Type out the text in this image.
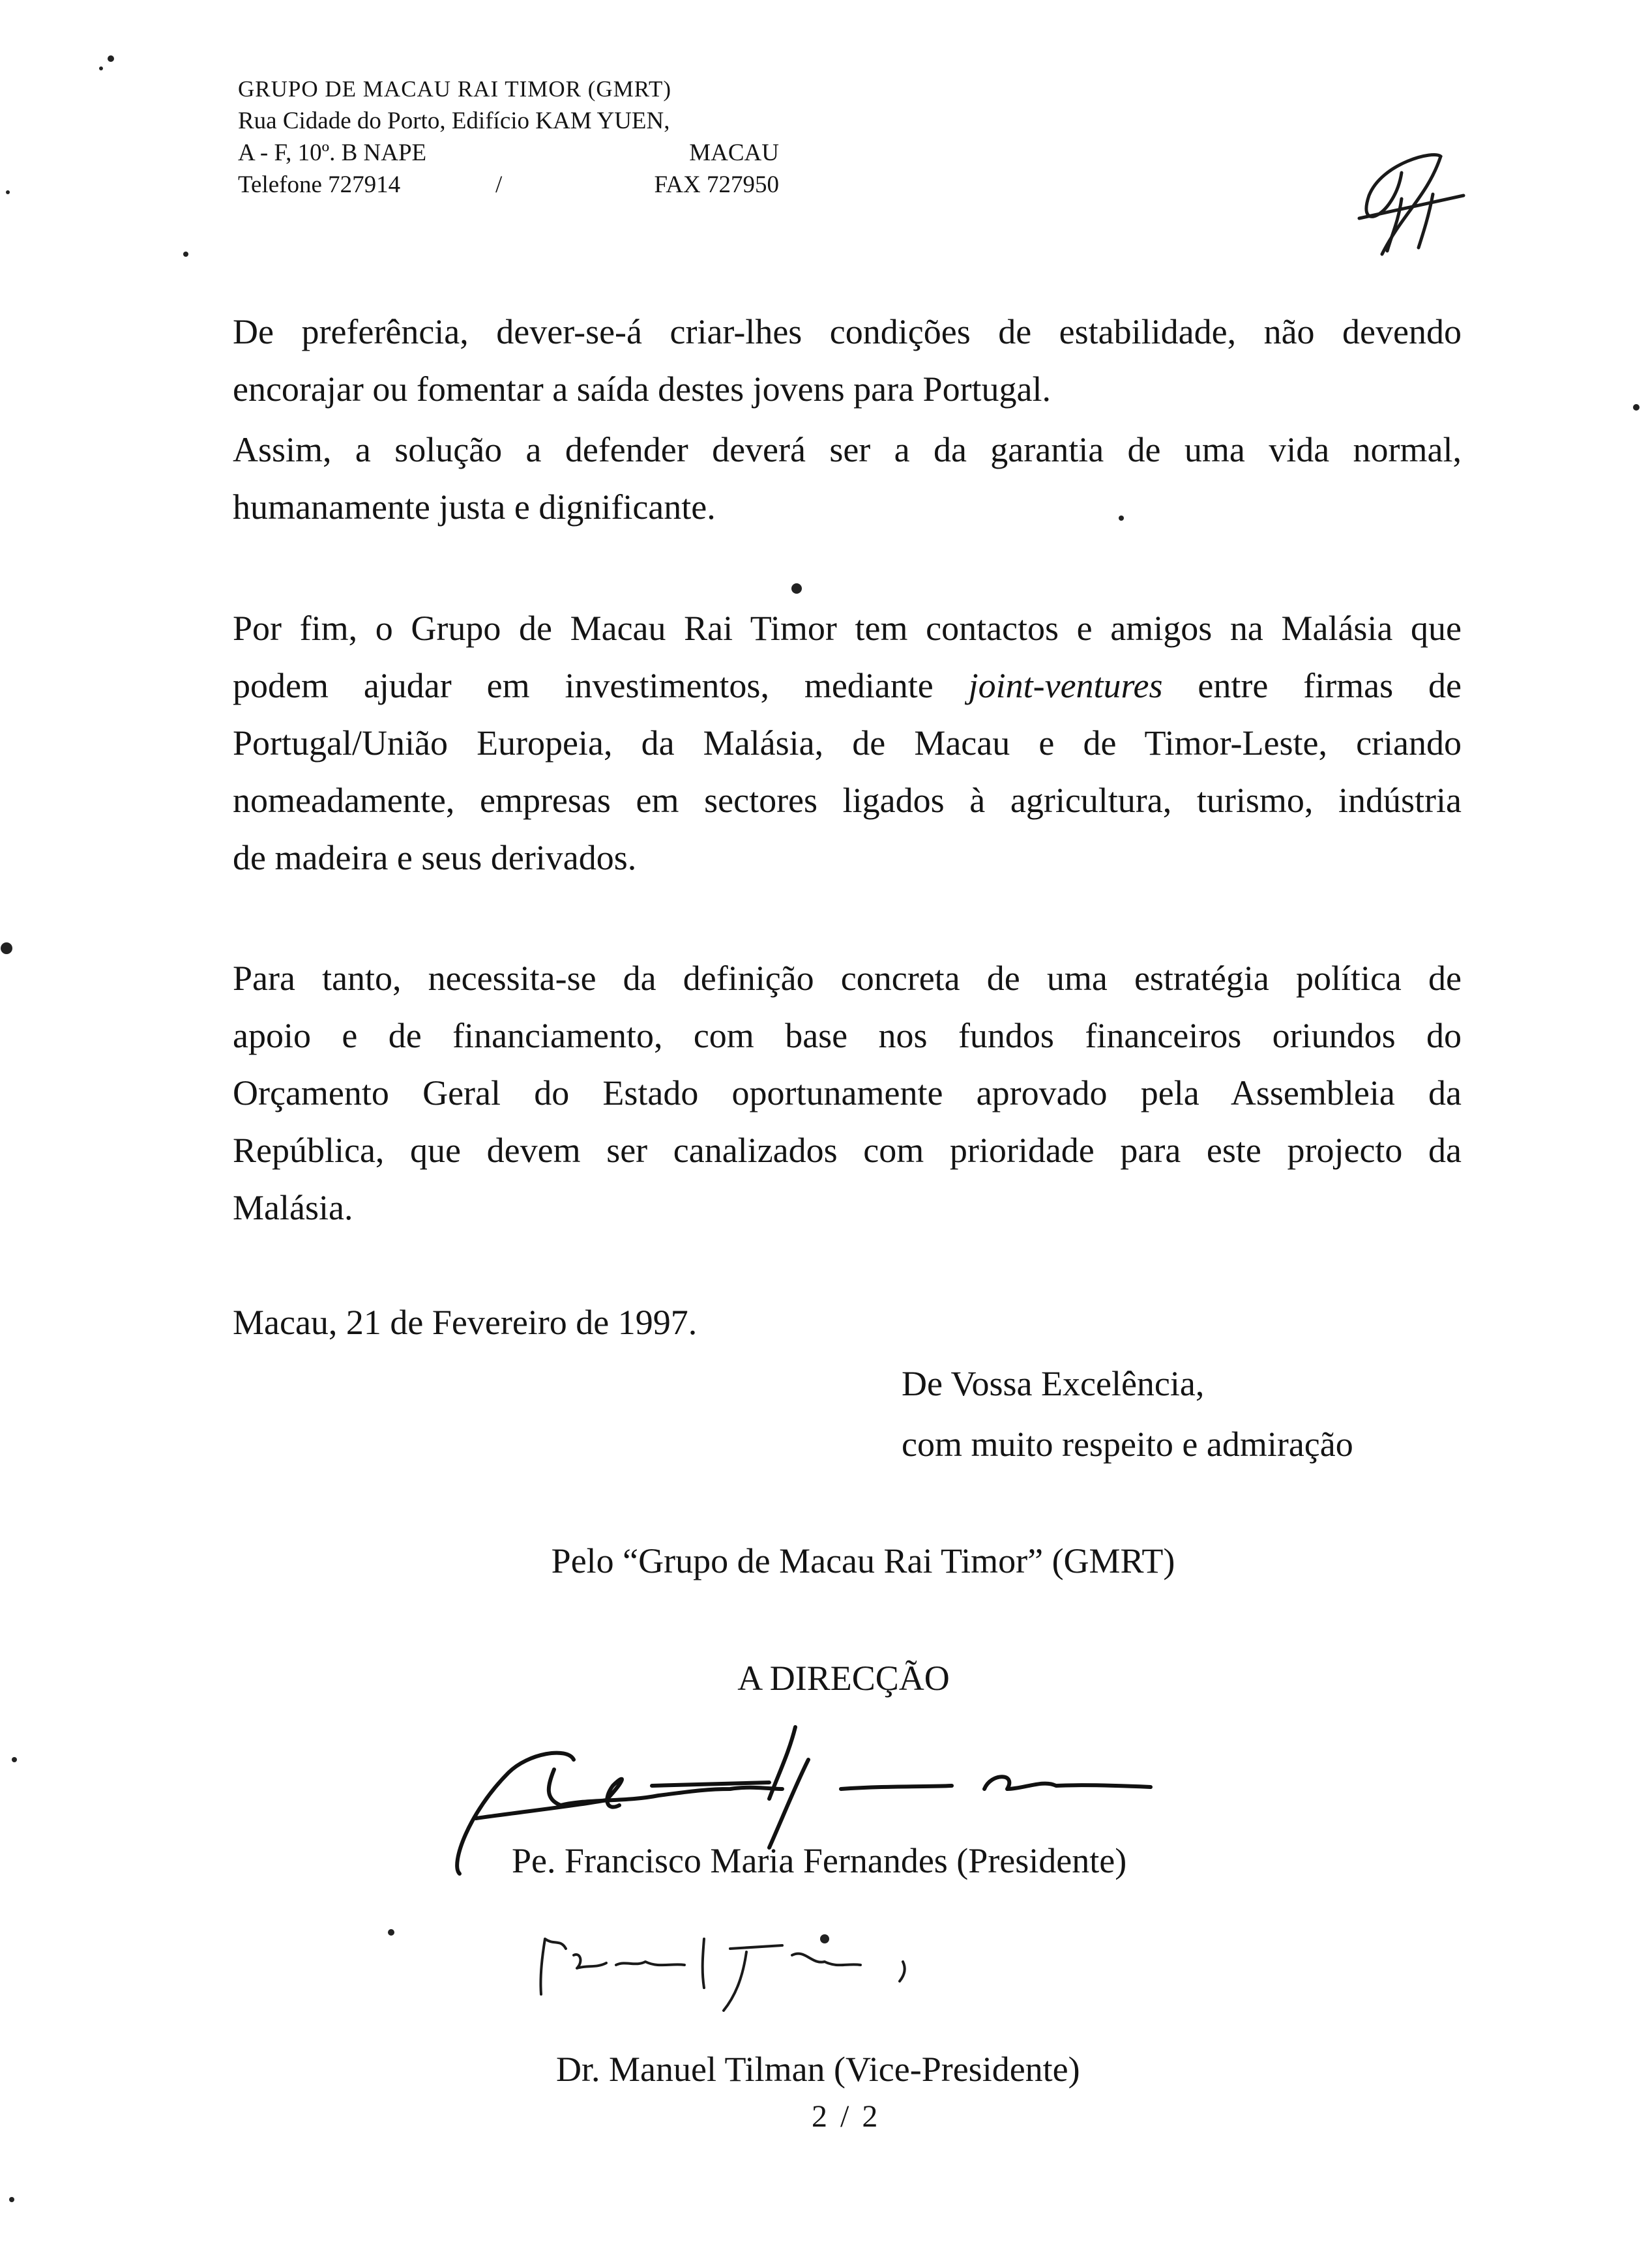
GRUPO DE MACAU RAI TIMOR (GMRT)
Rua Cidade do Porto, Edifício KAM YUEN,
A - F, 10º. B NAPE	MACAU
Telefone 727914	/	FAX 727950
De preferência, dever-se-á criar-lhes condições de estabilidade, não devendo
encorajar ou fomentar a saída destes jovens para Portugal.
Assim, a solução a defender deverá ser a da garantia de uma vida normal,
humanamente justa e dignificante.
Por fim, o Grupo de Macau Rai Timor tem contactos e amigos na Malásia que
podem ajudar em investimentos, mediante joint-ventures entre firmas de
Portugal/União Europeia, da Malásia, de Macau e de Timor-Leste, criando
nomeadamente, empresas em sectores ligados à agricultura, turismo, indústria
de madeira e seus derivados.
Para tanto, necessita-se da definição concreta de uma estratégia política de
apoio e de financiamento, com base nos fundos financeiros oriundos do
Orçamento Geral do Estado oportunamente aprovado pela Assembleia da
República, que devem ser canalizados com prioridade para este projecto da
Malásia.
Macau, 21 de Fevereiro de 1997.
De Vossa Excelência,
com muito respeito e admiração
Pelo “Grupo de Macau Rai Timor” (GMRT)
A DIRECÇÃO
Pe. Francisco Maria Fernandes (Presidente)
Dr. Manuel Tilman (Vice-Presidente)
2 / 2
